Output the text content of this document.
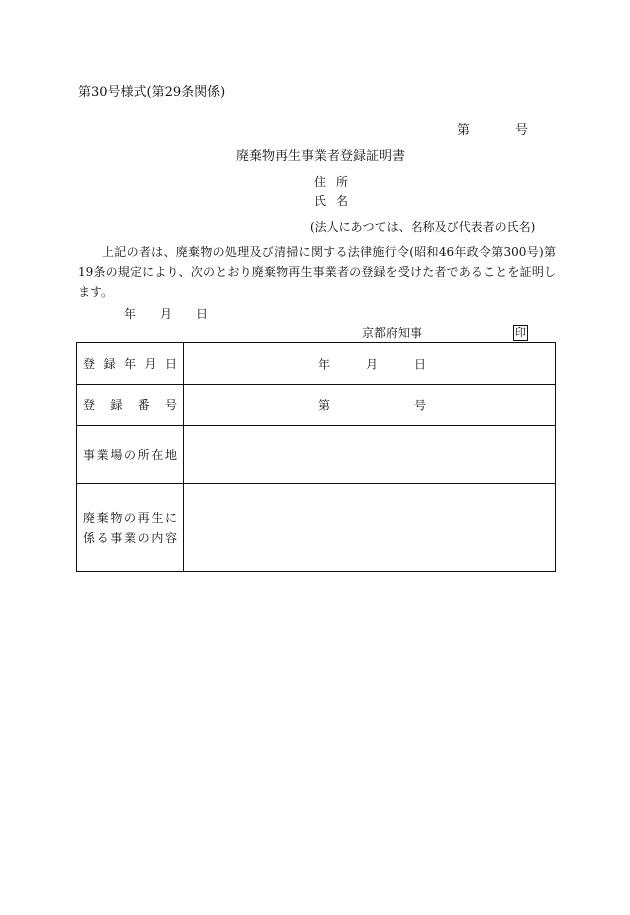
第30号様式(第29条関係)
第	号
廃棄物再生事業者登録証明書
住所
氏名
(法人にあつては、名称及び代表者の氏名)
上記の者は、廃棄物の処理及び清掃に関する法律施行令(昭和46年政令第300号)第19条の規定により、次のとおり廃棄物再生事業者の登録を受けた者であることを証明します。
年 月 日
京都府知事	印
登録年月日	年 月 日

登録番号	第 号

事業場の所在地	

廃棄物の再生に
係る事業の内容	
